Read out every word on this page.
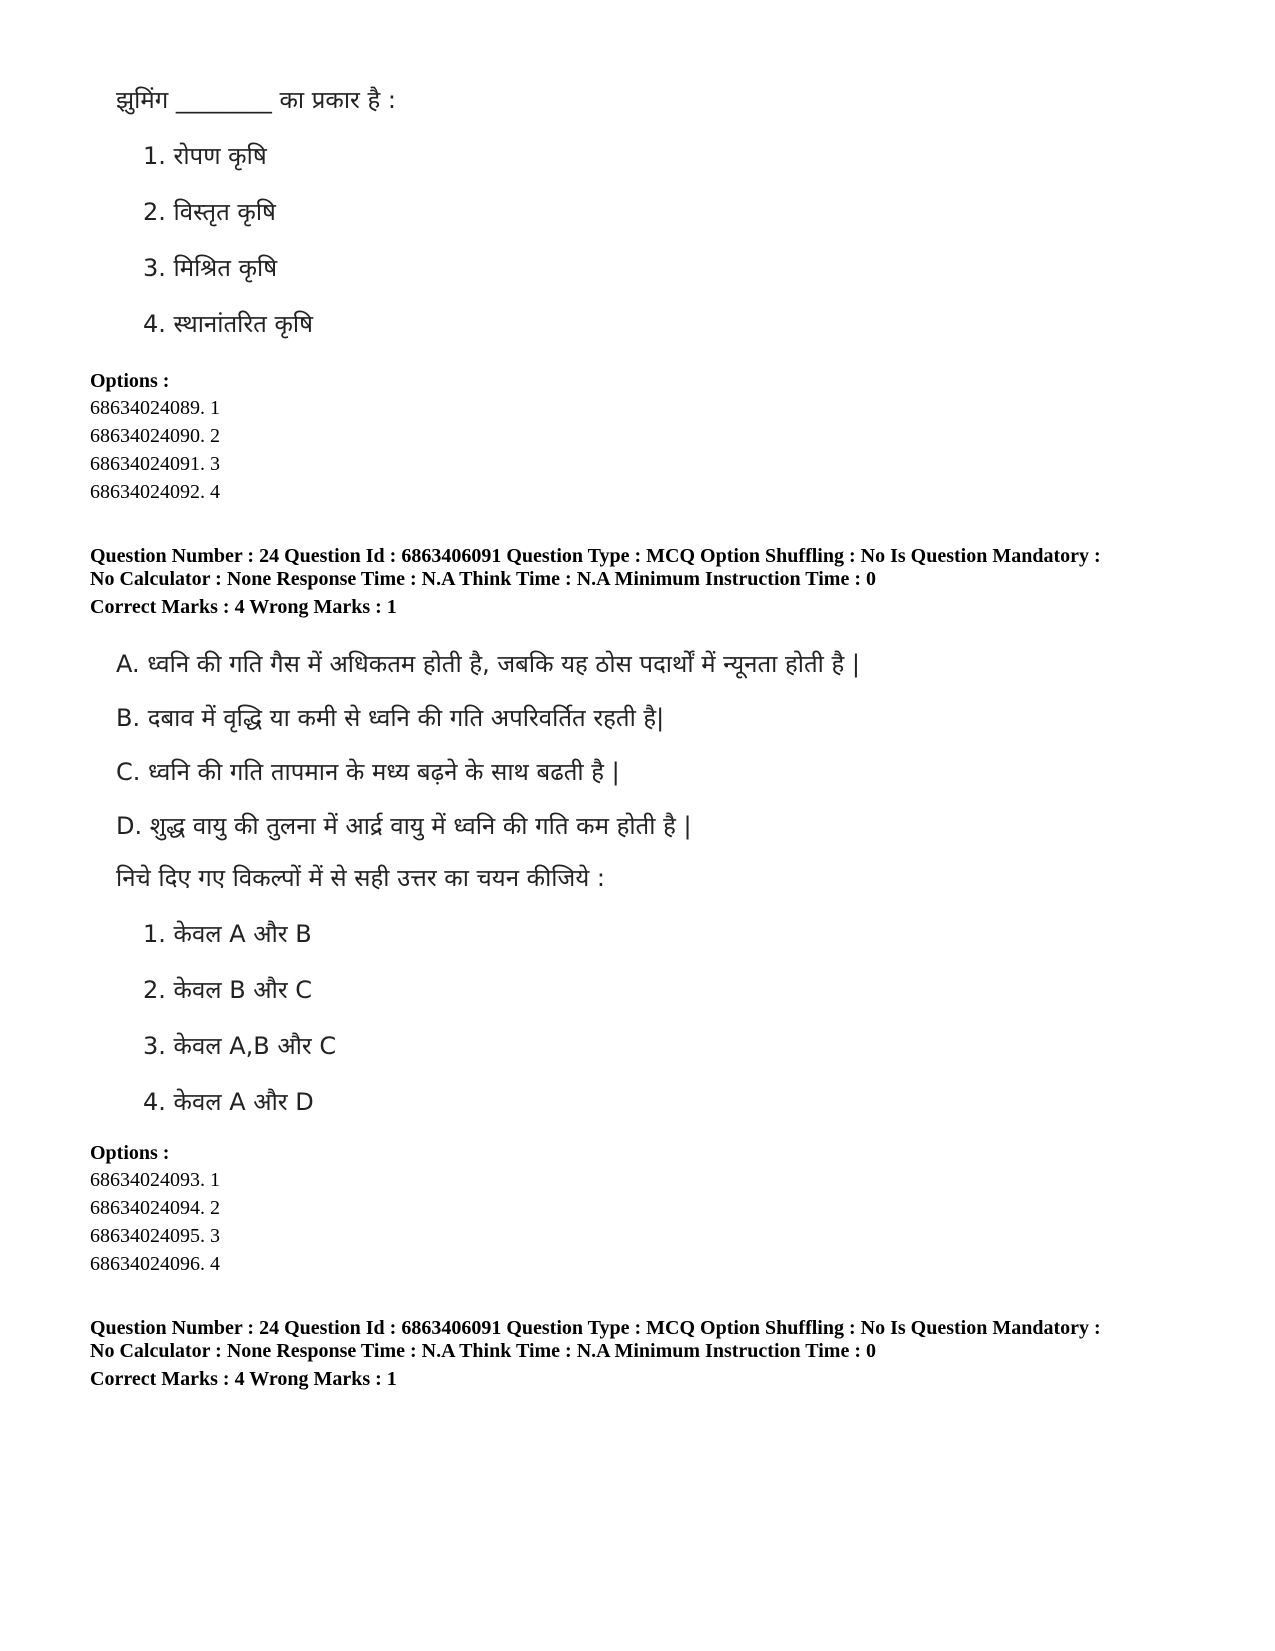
झुमिंग ________ का प्रकार है :
1. रोपण कृषि
2. विस्तृत कृषि
3. मिश्रित कृषि
4. स्थानांतरित कृषि
Options :
68634024089. 1
68634024090. 2
68634024091. 3
68634024092. 4
Question Number : 24 Question Id : 6863406091 Question Type : MCQ Option Shuffling : No Is Question Mandatory :
No Calculator : None Response Time : N.A Think Time : N.A Minimum Instruction Time : 0
Correct Marks : 4 Wrong Marks : 1
A. ध्वनि की गति गैस में अधिकतम होती है, जबकि यह ठोस पदार्थों में न्यूनता होती है |
B. दबाव में वृद्धि या कमी से ध्वनि की गति अपरिवर्तित रहती है|
C. ध्वनि की गति तापमान के मध्य बढ़ने के साथ बढती है |
D. शुद्ध वायु की तुलना में आर्द्र वायु में ध्वनि की गति कम होती है |
निचे दिए गए विकल्पों में से सही उत्तर का चयन कीजिये :
1. केवल A और B
2. केवल B और C
3. केवल A,B और C
4. केवल A और D
Options :
68634024093. 1
68634024094. 2
68634024095. 3
68634024096. 4
Question Number : 24 Question Id : 6863406091 Question Type : MCQ Option Shuffling : No Is Question Mandatory :
No Calculator : None Response Time : N.A Think Time : N.A Minimum Instruction Time : 0
Correct Marks : 4 Wrong Marks : 1
